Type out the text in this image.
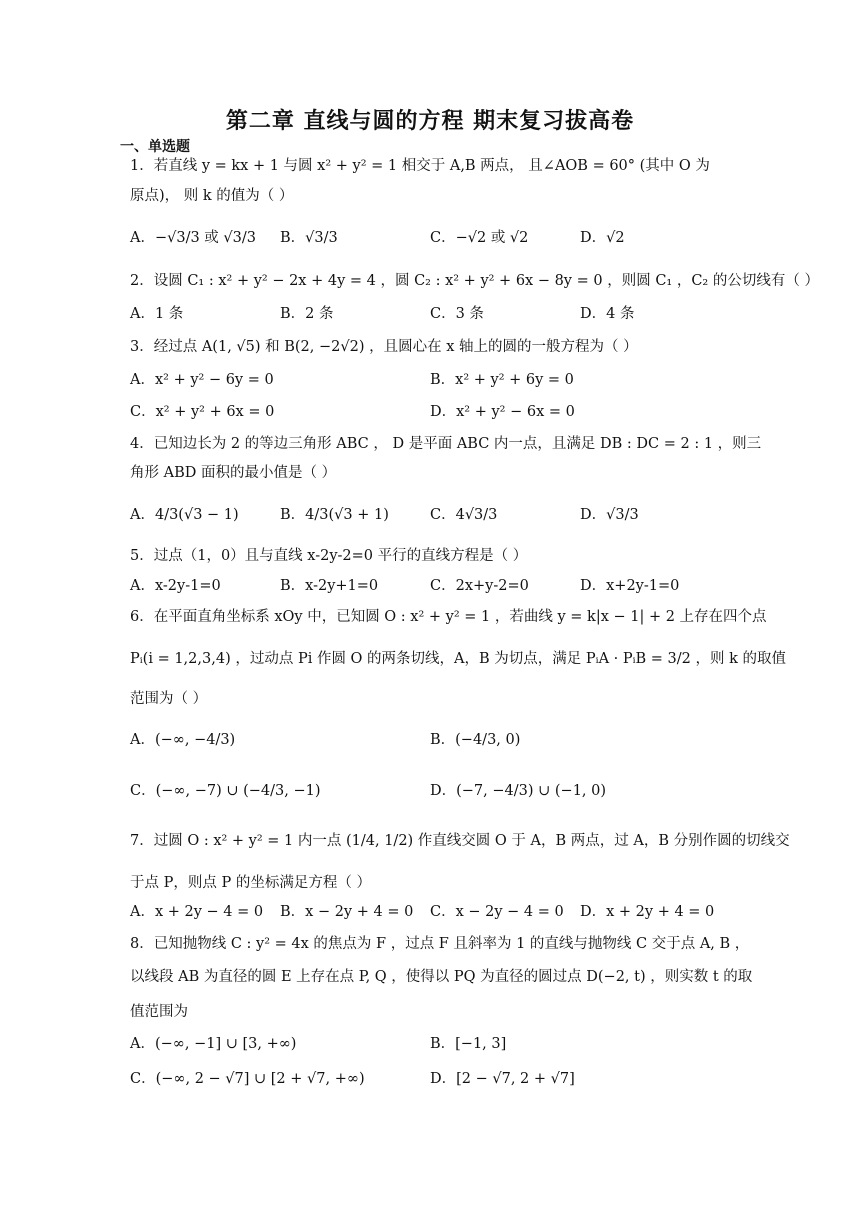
第二章 直线与圆的方程 期末复习拔高卷
一、单选题
1．若直线 y = kx + 1 与圆 x² + y² = 1 相交于 A,B 两点， 且∠AOB = 60° (其中 O 为
原点)， 则 k 的值为（ ）
A．−√3/3 或 √3/3 B．√3/3	C．−√2 或 √2	D．√2
2．设圆 C₁ : x² + y² − 2x + 4y = 4 ，圆 C₂ : x² + y² + 6x − 8y = 0 ，则圆 C₁ ，C₂ 的公切线有（ ）
A．1 条	B．2 条	C．3 条	D．4 条
3．经过点 A(1, √5) 和 B(2, −2√2) ，且圆心在 x 轴上的圆的一般方程为（ ）
A．x² + y² − 6y = 0	B．x² + y² + 6y = 0
C．x² + y² + 6x = 0	D．x² + y² − 6x = 0
4．已知边长为 2 的等边三角形 ABC ， D 是平面 ABC 内一点，且满足 DB : DC = 2 : 1 ，则三
角形 ABD 面积的最小值是（ ）
A．4/3(√3 − 1)	B．4/3(√3 + 1)	C．4√3/3	D．√3/3
5．过点（1，0）且与直线 x-2y-2=0 平行的直线方程是（ ）
A．x-2y-1=0	B．x-2y+1=0	C．2x+y-2=0	D．x+2y-1=0
6．在平面直角坐标系 xOy 中，已知圆 O : x² + y² = 1 ，若曲线 y = k|x − 1| + 2 上存在四个点
Pᵢ(i = 1,2,3,4) ，过动点 Pi 作圆 O 的两条切线，A，B 为切点，满足 PᵢA · PᵢB = 3/2 ，则 k 的取值
范围为（ ）
A．(−∞, −4/3)	B．(−4/3, 0)
C．(−∞, −7) ∪ (−4/3, −1)	D．(−7, −4/3) ∪ (−1, 0)
7．过圆 O : x² + y² = 1 内一点 (1/4, 1/2) 作直线交圆 O 于 A，B 两点，过 A，B 分别作圆的切线交
于点 P，则点 P 的坐标满足方程（ ）
A．x + 2y − 4 = 0 B．x − 2y + 4 = 0 C．x − 2y − 4 = 0 D．x + 2y + 4 = 0
8．已知抛物线 C : y² = 4x 的焦点为 F ，过点 F 且斜率为 1 的直线与抛物线 C 交于点 A, B ，
以线段 AB 为直径的圆 E 上存在点 P, Q ，使得以 PQ 为直径的圆过点 D(−2, t) ，则实数 t 的取
值范围为
A．(−∞, −1] ∪ [3, +∞)	B．[−1, 3]
C．(−∞, 2 − √7] ∪ [2 + √7, +∞)	D．[2 − √7, 2 + √7]
